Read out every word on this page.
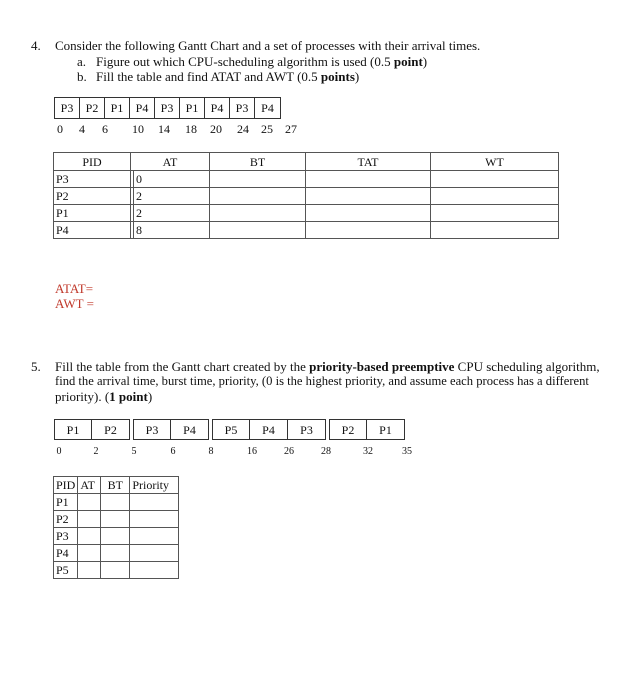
4. Consider the following Gantt Chart and a set of processes with their arrival times.
a. Figure out which CPU-scheduling algorithm is used (0.5 point)
b. Fill the table and find ATAT and AWT (0.5 points)
P3	P2	P1	P4	P3	P1	P4	P3	P4
0 4 6 10 14 18 20 24 25 27
PID	AT	BT	TAT	WT
P3	0			
P2	2			
P1	2			
P4	8			
ATAT=
AWT =
5. Fill the table from the Gantt chart created by the priority-based preemptive CPU scheduling algorithm,
find the arrival time, burst time, priority, (0 is the highest priority, and assume each process has a different
priority). (1 point)
P1	P2	P3	P4	P5	P4	P3	P2	P1
0	2	5	6	8	16	26	28	32	35
PID	AT	BT	Priority
P1			
P2			
P3			
P4			
P5			
